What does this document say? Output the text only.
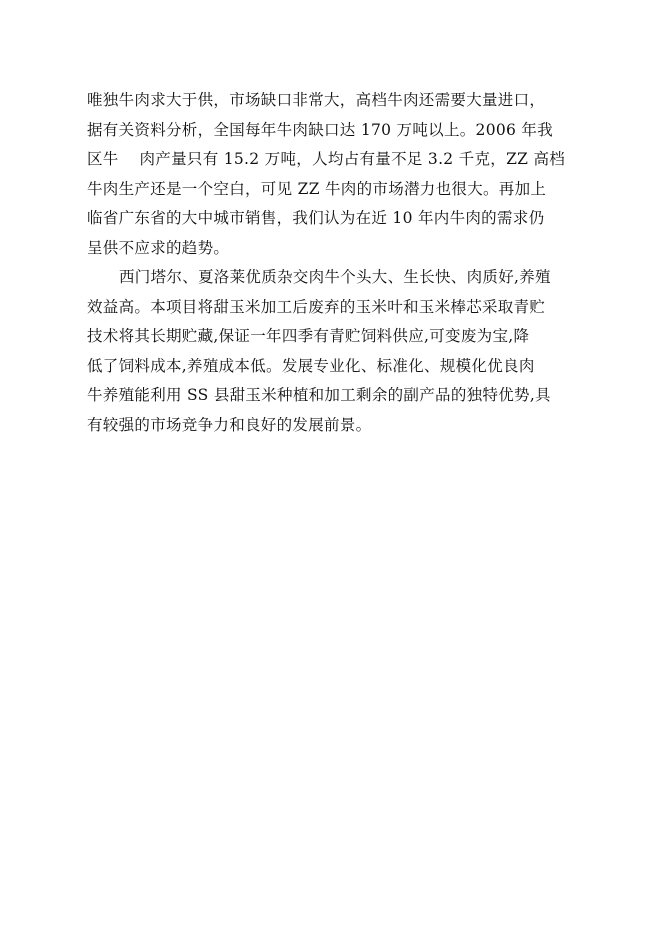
唯独牛肉求大于供，市场缺口非常大，高档牛肉还需要大量进口，
据有关资料分析，全国每年牛肉缺口达 170 万吨以上。2006 年我
区牛    肉产量只有 15.2 万吨，人均占有量不足 3.2 千克，ZZ 高档
牛肉生产还是一个空白，可见 ZZ 牛肉的市场潜力也很大。再加上
临省广东省的大中城市销售，我们认为在近 10 年内牛肉的需求仍
呈供不应求的趋势。

西门塔尔、夏洛莱优质杂交肉牛个头大、生长快、肉质好,养殖
效益高。本项目将甜玉米加工后废弃的玉米叶和玉米棒芯采取青贮
技术将其长期贮藏,保证一年四季有青贮饲料供应,可变废为宝,降
低了饲料成本,养殖成本低。发展专业化、标准化、规模化优良肉
牛养殖能利用 SS 县甜玉米种植和加工剩余的副产品的独特优势,具
有较强的市场竞争力和良好的发展前景。
